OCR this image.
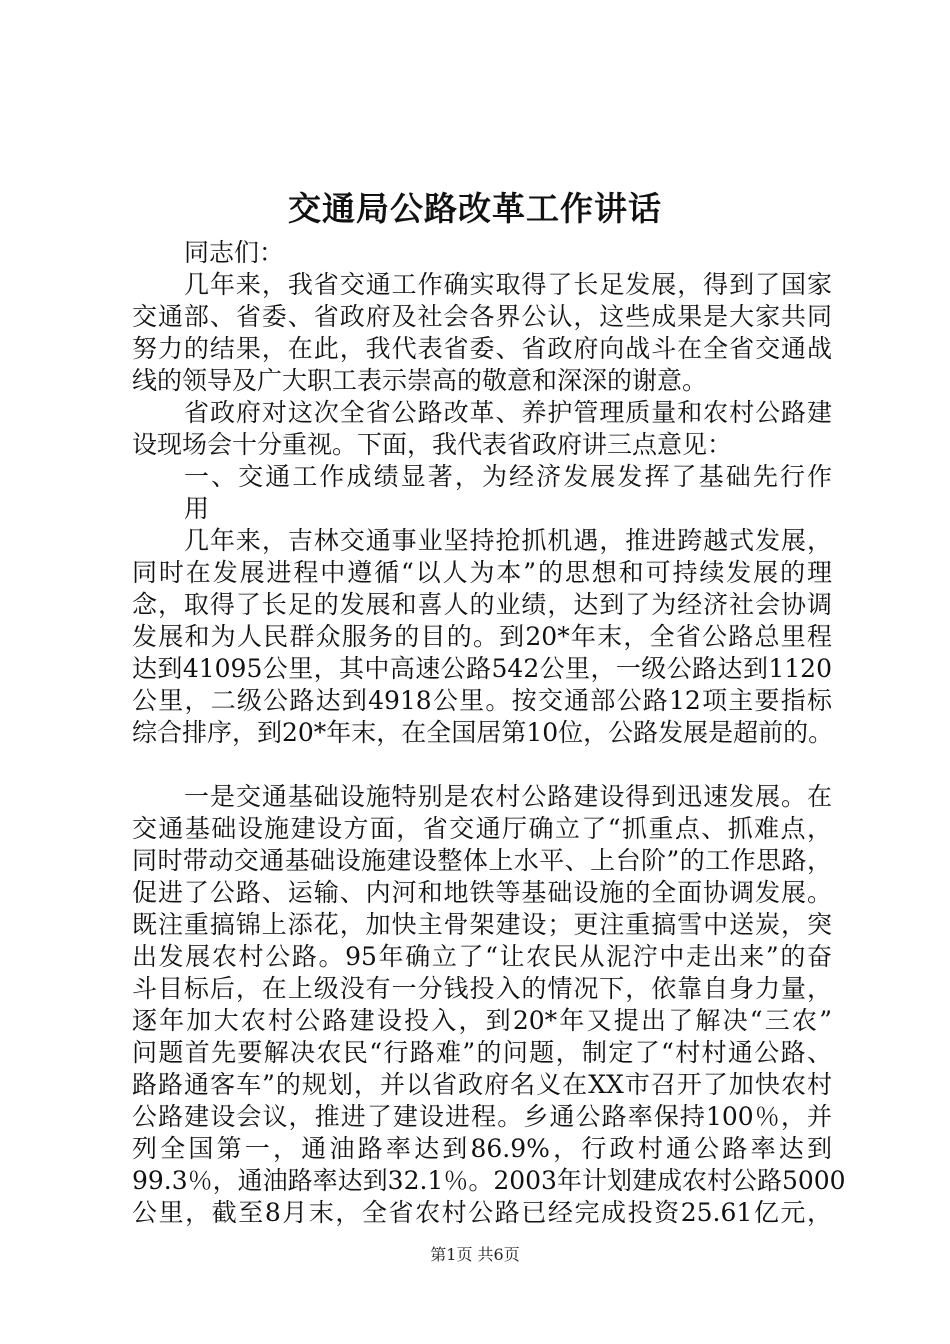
交通局公路改革工作讲话
同志们：
几年来，我省交通工作确实取得了长足发展，得到了国家
交通部、省委、省政府及社会各界公认，这些成果是大家共同
努力的结果，在此，我代表省委、省政府向战斗在全省交通战
线的领导及广大职工表示崇高的敬意和深深的谢意。
省政府对这次全省公路改革、养护管理质量和农村公路建
设现场会十分重视。下面，我代表省政府讲三点意见：
一、交通工作成绩显著，为经济发展发挥了基础先行作
用
几年来，吉林交通事业坚持抢抓机遇，推进跨越式发展，
同时在发展进程中遵循“以人为本”的思想和可持续发展的理
念，取得了长足的发展和喜人的业绩，达到了为经济社会协调
发展和为人民群众服务的目的。到20*年末，全省公路总里程
达到41095公里，其中高速公路542公里，一级公路达到1120
公里，二级公路达到4918公里。按交通部公路12项主要指标
综合排序，到20*年末，在全国居第10位，公路发展是超前的。
一是交通基础设施特别是农村公路建设得到迅速发展。在
交通基础设施建设方面，省交通厅确立了“抓重点、抓难点，
同时带动交通基础设施建设整体上水平、上台阶”的工作思路，
促进了公路、运输、内河和地铁等基础设施的全面协调发展。
既注重搞锦上添花，加快主骨架建设；更注重搞雪中送炭，突
出发展农村公路。95年确立了“让农民从泥泞中走出来”的奋
斗目标后，在上级没有一分钱投入的情况下，依靠自身力量，
逐年加大农村公路建设投入，到20*年又提出了解决“三农”
问题首先要解决农民“行路难”的问题，制定了“村村通公路、
路路通客车”的规划，并以省政府名义在XX市召开了加快农村
公路建设会议，推进了建设进程。乡通公路率保持100％，并
列全国第一，通油路率达到86.9%，行政村通公路率达到
99.3％，通油路率达到32.1％。2003年计划建成农村公路5000
公里，截至8月末，全省农村公路已经完成投资25.61亿元，
第1页 共6页
